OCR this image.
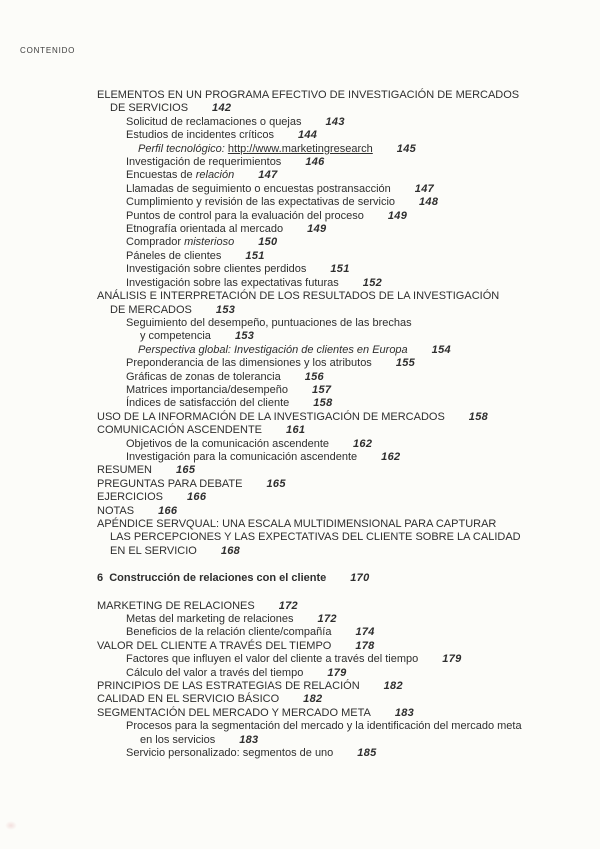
CONTENIDO
ELEMENTOS EN UN PROGRAMA EFECTIVO DE INVESTIGACIÓN DE MERCADOS
DE SERVICIOS 142
Solicitud de reclamaciones o quejas 143
Estudios de incidentes críticos 144
Perfil tecnológico: http://www.marketingresearch 145
Investigación de requerimientos 146
Encuestas de relación 147
Llamadas de seguimiento o encuestas postransacción 147
Cumplimiento y revisión de las expectativas de servicio 148
Puntos de control para la evaluación del proceso 149
Etnografía orientada al mercado 149
Comprador misterioso 150
Páneles de clientes 151
Investigación sobre clientes perdidos 151
Investigación sobre las expectativas futuras 152
ANÁLISIS E INTERPRETACIÓN DE LOS RESULTADOS DE LA INVESTIGACIÓN
DE MERCADOS 153
Seguimiento del desempeño, puntuaciones de las brechas
y competencia 153
Perspectiva global: Investigación de clientes en Europa 154
Preponderancia de las dimensiones y los atributos 155
Gráficas de zonas de tolerancia 156
Matrices importancia/desempeño 157
Índices de satisfacción del cliente 158
USO DE LA INFORMACIÓN DE LA INVESTIGACIÓN DE MERCADOS 158
COMUNICACIÓN ASCENDENTE 161
Objetivos de la comunicación ascendente 162
Investigación para la comunicación ascendente 162
RESUMEN 165
PREGUNTAS PARA DEBATE 165
EJERCICIOS 166
NOTAS 166
APÉNDICE SERVQUAL: UNA ESCALA MULTIDIMENSIONAL PARA CAPTURAR
LAS PERCEPCIONES Y LAS EXPECTATIVAS DEL CLIENTE SOBRE LA CALIDAD
EN EL SERVICIO 168
6  Construcción de relaciones con el cliente 170
MARKETING DE RELACIONES 172
Metas del marketing de relaciones 172
Beneficios de la relación cliente/compañía 174
VALOR DEL CLIENTE A TRAVÉS DEL TIEMPO 178
Factores que influyen el valor del cliente a través del tiempo 179
Cálculo del valor a través del tiempo 179
PRINCIPIOS DE LAS ESTRATEGIAS DE RELACIÓN 182
CALIDAD EN EL SERVICIO BÁSICO 182
SEGMENTACIÓN DEL MERCADO Y MERCADO META 183
Procesos para la segmentación del mercado y la identificación del mercado meta
en los servicios 183
Servicio personalizado: segmentos de uno 185
